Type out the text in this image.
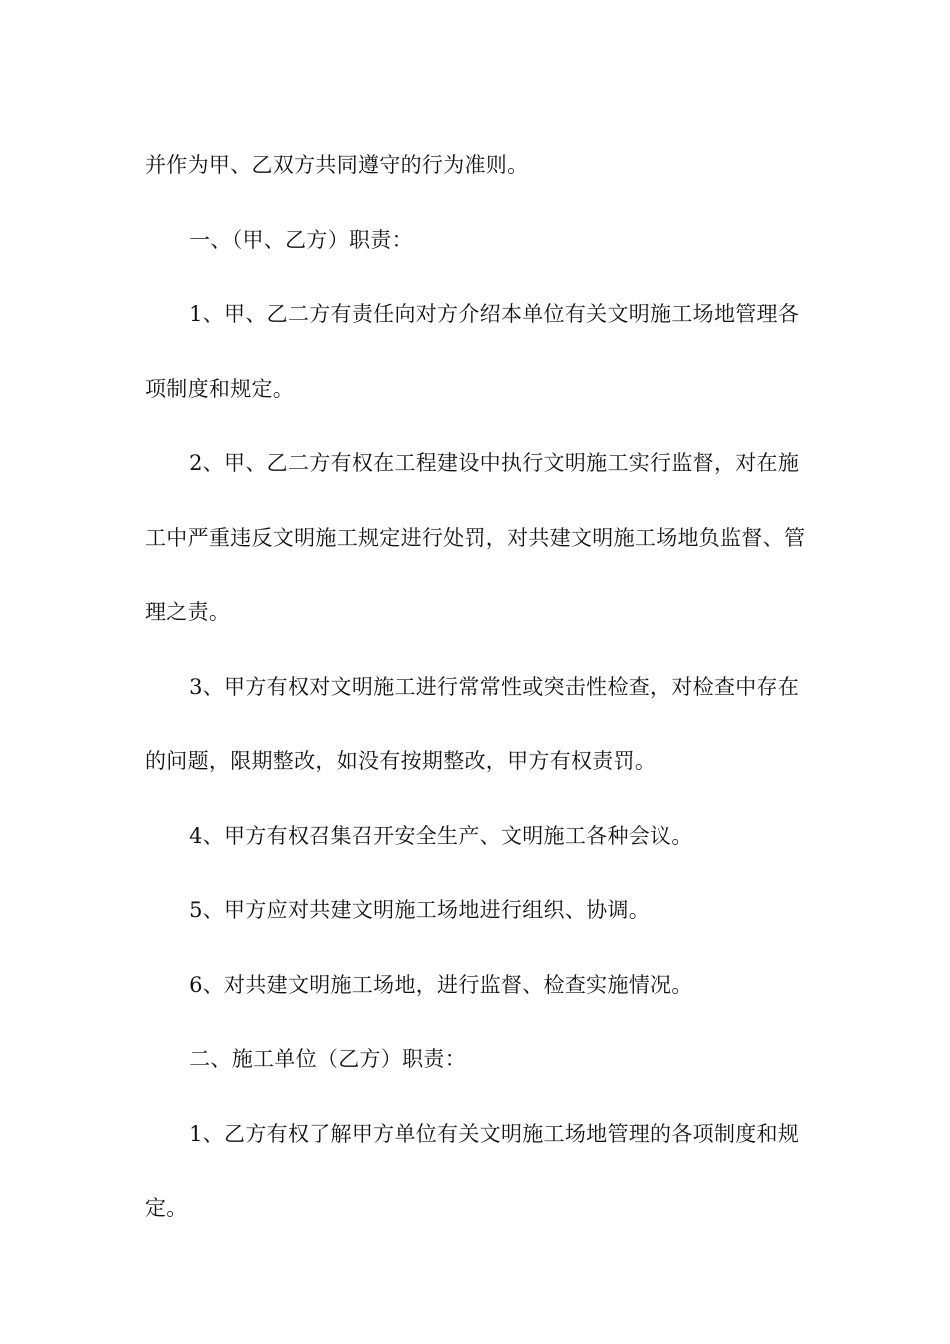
并作为甲、乙双方共同遵守的行为准则。

一、（甲、乙方）职责：

1、甲、乙二方有责任向对方介绍本单位有关文明施工场地管理各项制度和规定。

2、甲、乙二方有权在工程建设中执行文明施工实行监督，对在施工中严重违反文明施工规定进行处罚，对共建文明施工场地负监督、管理之责。

3、甲方有权对文明施工进行常常性或突击性检查，对检查中存在的问题，限期整改，如没有按期整改，甲方有权责罚。

4、甲方有权召集召开安全生产、文明施工各种会议。

5、甲方应对共建文明施工场地进行组织、协调。

6、对共建文明施工场地，进行监督、检查实施情况。

二、施工单位（乙方）职责：

1、乙方有权了解甲方单位有关文明施工场地管理的各项制度和规定。
